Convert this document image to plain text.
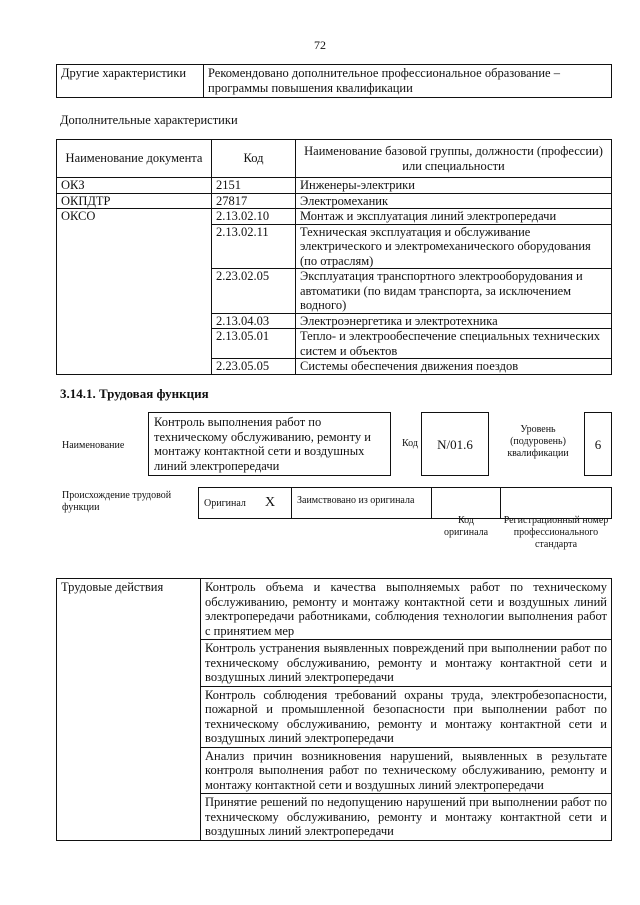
72
Другие характеристики	Рекомендовано дополнительное профессиональное образование – программы повышения квалификации
Дополнительные характеристики
Наименование документа	Код	Наименование базовой группы, должности (профессии) или специальности
ОКЗ	2151	Инженеры-электрики
ОКПДТР	27817	Электромеханик
ОКСО	2.13.02.10	Монтаж и эксплуатация линий электропередачи
	2.13.02.11	Техническая эксплуатация и обслуживание электрического и электромеханического оборудования (по отраслям)
	2.23.02.05	Эксплуатация транспортного электрооборудования и автоматики (по видам транспорта, за исключением водного)
	2.13.04.03	Электроэнергетика и электротехника
	2.13.05.01	Тепло- и электрообеспечение специальных технических систем и объектов
	2.23.05.05	Системы обеспечения движения поездов
3.14.1. Трудовая функция
Наименование
Контроль выполнения работ по техническому обслуживанию, ремонту и монтажу контактной сети и воздушных линий электропередачи
Код	N/01.6
Уровень (подуровень) квалификации
6
Происхождение трудовой функции	Оригинал X	Заимствовано из оригинала
Код оригинала
Регистрационный номер профессионального стандарта
Трудовые действия	Контроль объема и качества выполняемых работ по техническому обслуживанию, ремонту и монтажу контактной сети и воздушных линий электропередачи работниками, соблюдения технологии выполнения работ с принятием мер
Контроль устранения выявленных повреждений при выполнении работ по техническому обслуживанию, ремонту и монтажу контактной сети и воздушных линий электропередачи
Контроль соблюдения требований охраны труда, электробезопасности, пожарной и промышленной безопасности при выполнении работ по техническому обслуживанию, ремонту и монтажу контактной сети и воздушных линий электропередачи
Анализ причин возникновения нарушений, выявленных в результате контроля выполнения работ по техническому обслуживанию, ремонту и монтажу контактной сети и воздушных линий электропередачи
Принятие решений по недопущению нарушений при выполнении работ по техническому обслуживанию, ремонту и монтажу контактной сети и воздушных линий электропередачи
